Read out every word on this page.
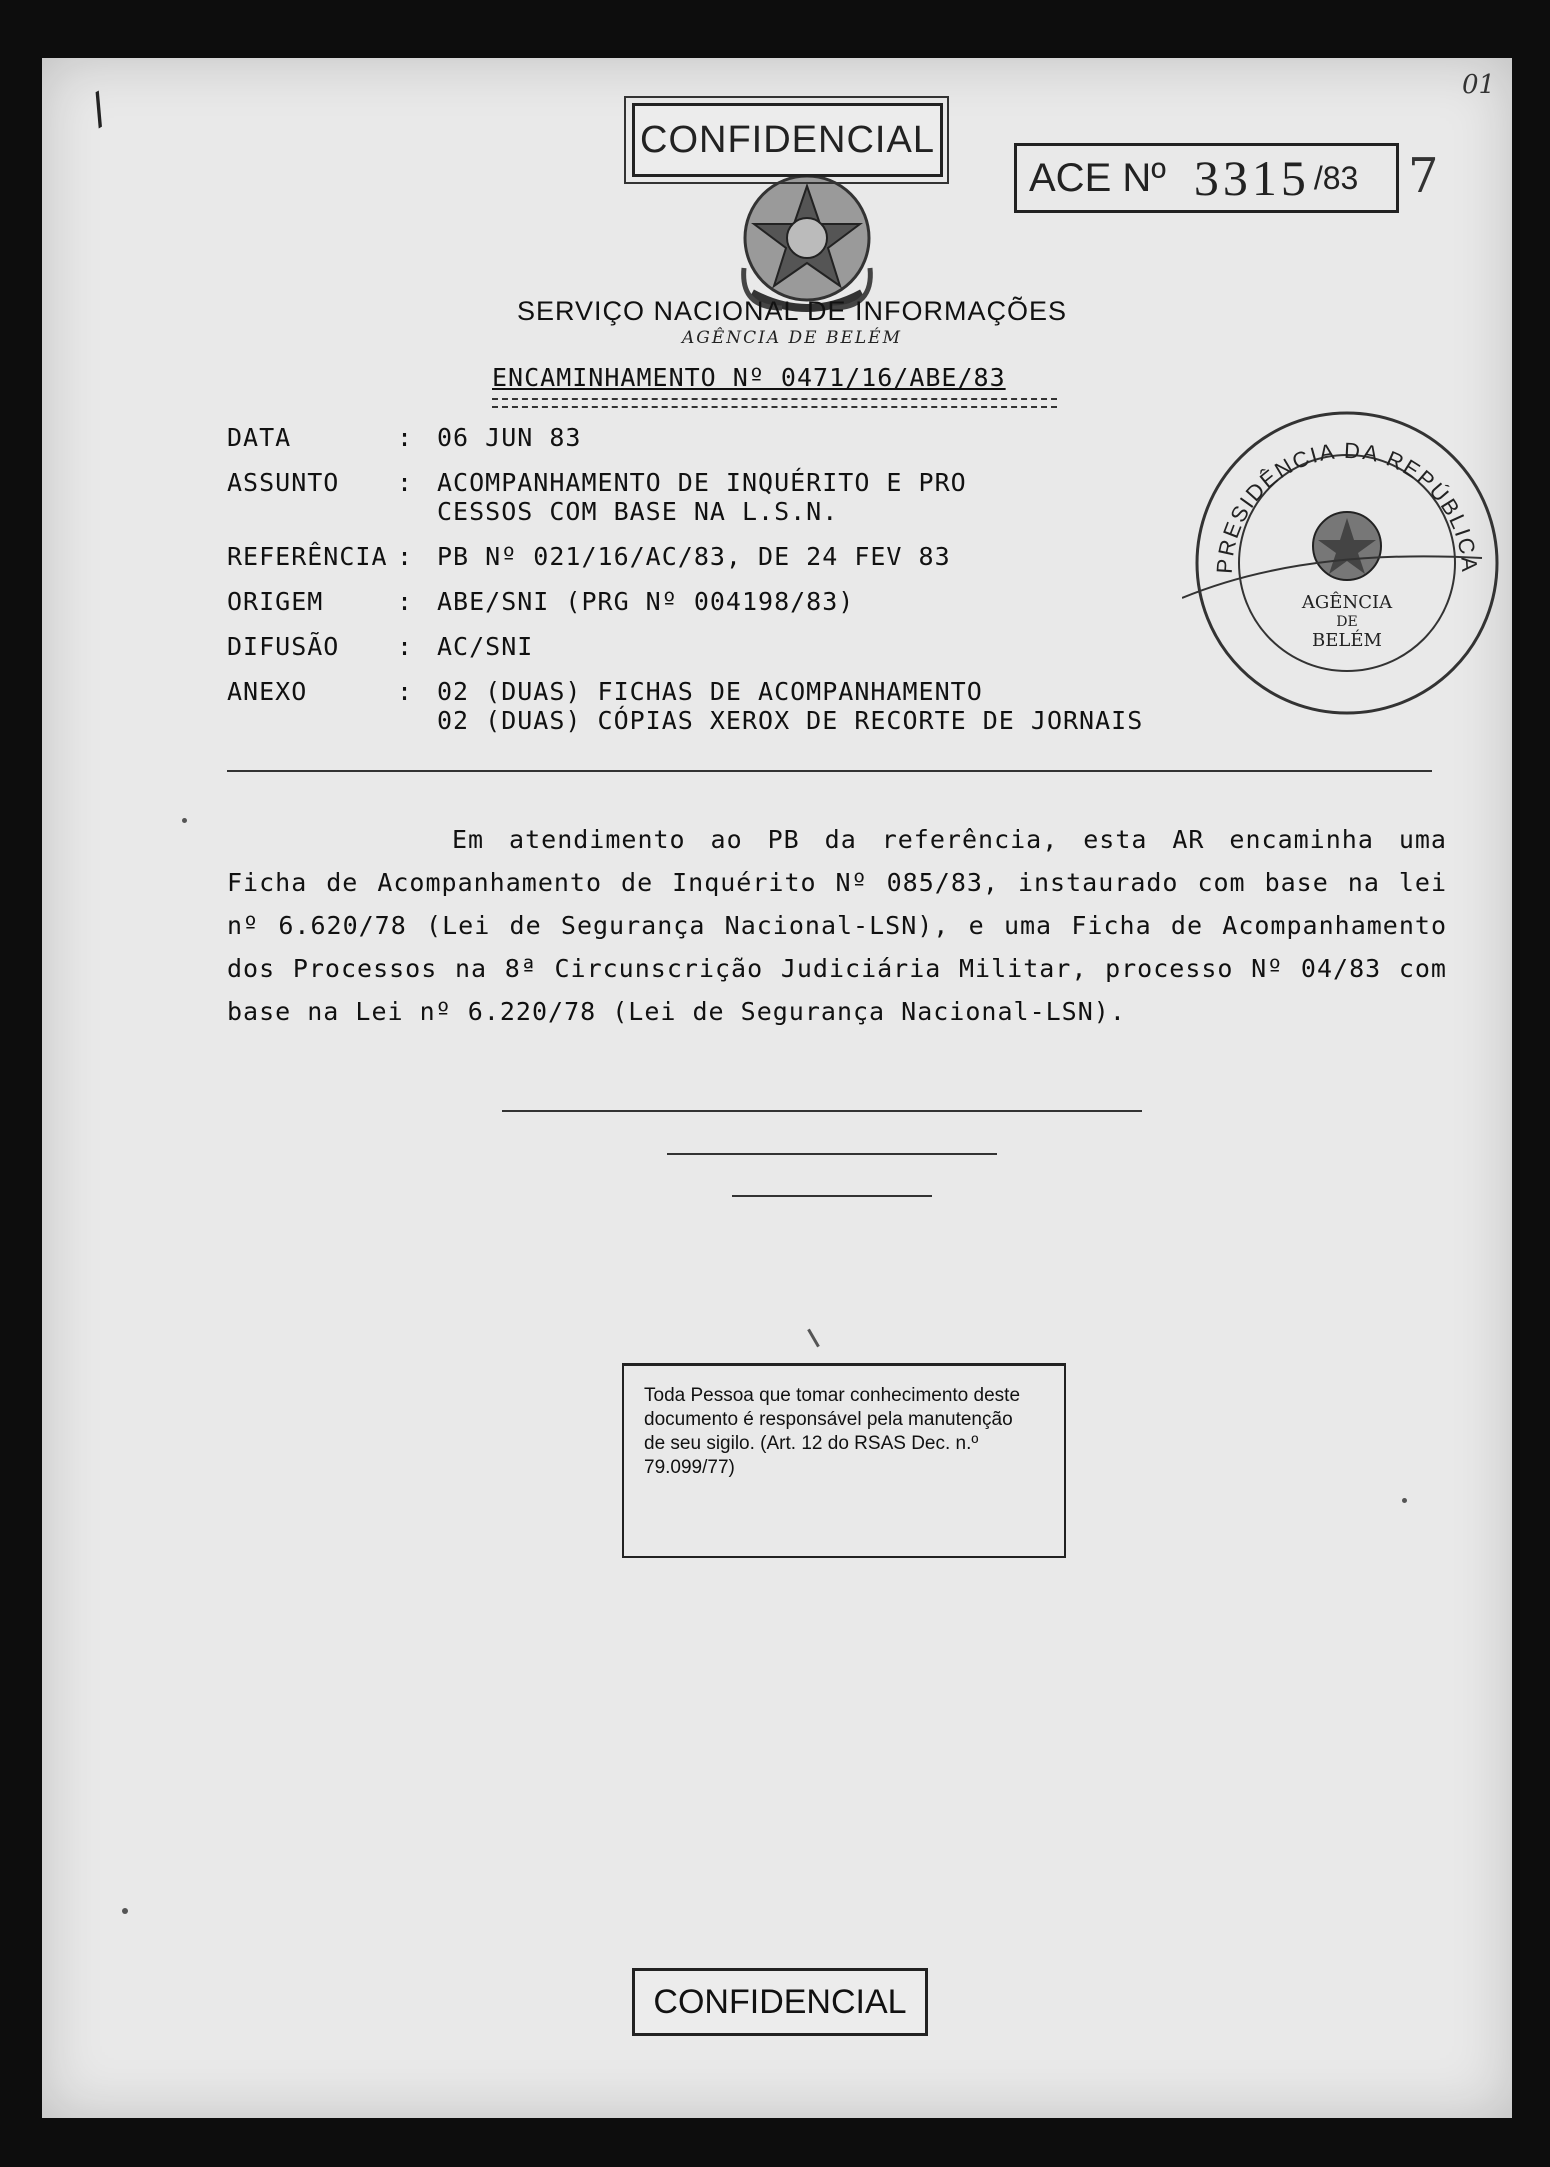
/	01
CONFIDENCIAL
ACE Nº 3315 /83 7
SERVIÇO NACIONAL DE INFORMAÇÕES
AGÊNCIA DE BELÉM
ENCAMINHAMENTO Nº 0471/16/ABE/83
DATA	: 06 JUN 83
ASSUNTO	: ACOMPANHAMENTO DE INQUÉRITO E PRO
CESSOS COM BASE NA L.S.N.
REFERÊNCIA : PB Nº 021/16/AC/83, DE 24 FEV 83
ORIGEM	: ABE/SNI (PRG Nº 004198/83)
DIFUSÃO	: AC/SNI
ANEXO	: 02 (DUAS) FICHAS DE ACOMPANHAMENTO
02 (DUAS) CÓPIAS XEROX DE RECORTE DE JORNAIS
PRESIDÊNCIA DA REPÚBLICA
AGÊNCIA
DE
BELÉM
Em atendimento ao PB da referência, esta AR encaminha uma Ficha de Acompanhamento de Inquérito Nº 085/83, instaurado com base na lei nº 6.620/78 (Lei de Segurança Nacional-LSN), e uma Ficha de Acompanhamento dos Processos na 8ª Circunscrição Judiciária Militar, processo Nº 04/83 com base na Lei nº 6.220/78 (Lei de Segurança Nacional-LSN).
Toda Pessoa que tomar conhecimento deste documento é responsável pela manutenção de seu sigilo. (Art. 12 do RSAS Dec. n.º 79.099/77)
CONFIDENCIAL
